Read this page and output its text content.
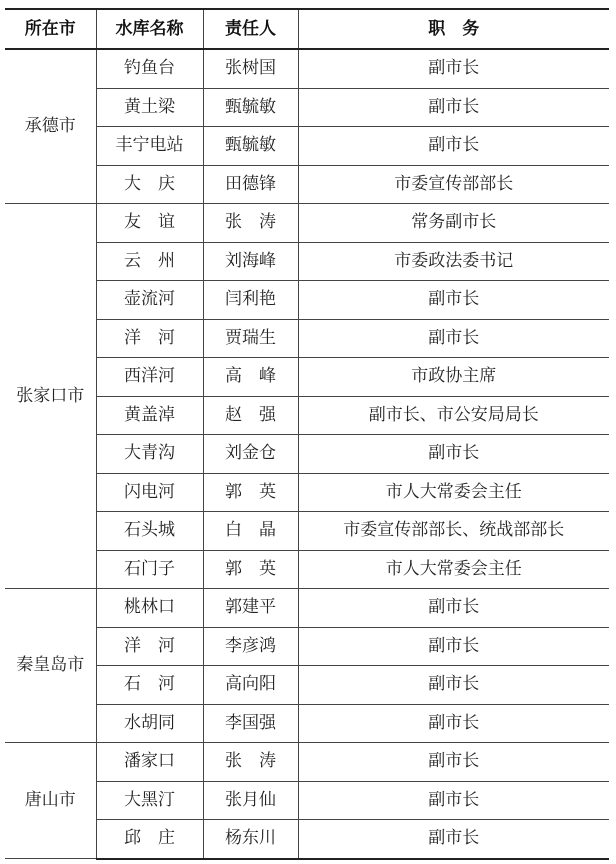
所在市	水库名称	责任人	职　务
承德市	钓鱼台	张树国	副市长
	黄土梁	甄毓敏	副市长
	丰宁电站	甄毓敏	副市长
	大　庆	田德锋	市委宣传部部长
张家口市	友　谊	张　涛	常务副市长
	云　州	刘海峰	市委政法委书记
	壶流河	闫利艳	副市长
	洋　河	贾瑞生	副市长
	西洋河	高　峰	市政协主席
	黄盖淖	赵　强	副市长、市公安局局长
	大青沟	刘金仓	副市长
	闪电河	郭　英	市人大常委会主任
	石头城	白　晶	市委宣传部部长、统战部部长
	石门子	郭　英	市人大常委会主任
秦皇岛市	桃林口	郭建平	副市长
	洋　河	李彦鸿	副市长
	石　河	高向阳	副市长
	水胡同	李国强	副市长
唐山市	潘家口	张　涛	副市长
	大黑汀	张月仙	副市长
	邱　庄	杨东川	副市长
